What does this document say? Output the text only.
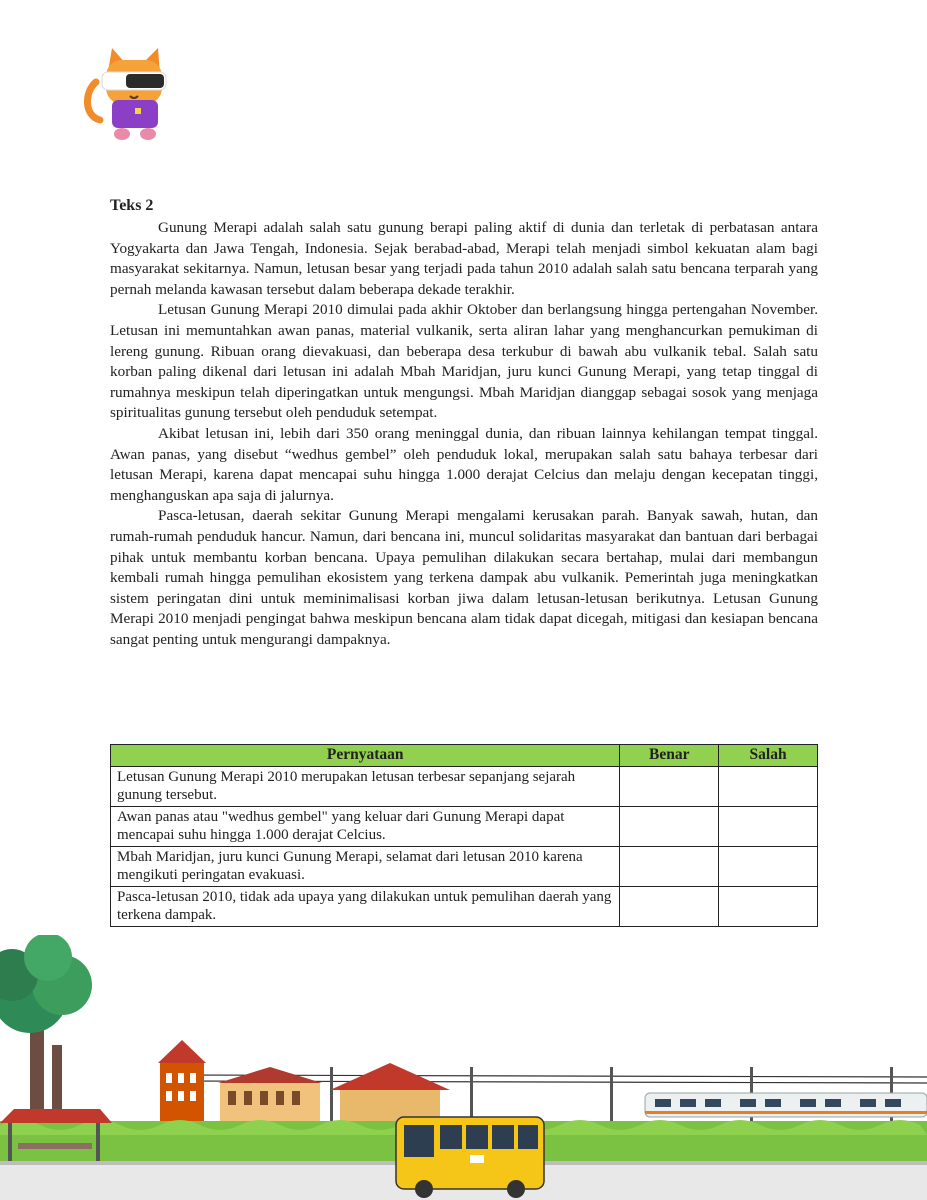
Teks 2

Gunung Merapi adalah salah satu gunung berapi paling aktif di dunia dan terletak di perbatasan antara Yogyakarta dan Jawa Tengah, Indonesia. Sejak berabad-abad, Merapi telah menjadi simbol kekuatan alam bagi masyarakat sekitarnya. Namun, letusan besar yang terjadi pada tahun 2010 adalah salah satu bencana terparah yang pernah melanda kawasan tersebut dalam beberapa dekade terakhir.

Letusan Gunung Merapi 2010 dimulai pada akhir Oktober dan berlangsung hingga pertengahan November. Letusan ini memuntahkan awan panas, material vulkanik, serta aliran lahar yang menghancurkan pemukiman di lereng gunung. Ribuan orang dievakuasi, dan beberapa desa terkubur di bawah abu vulkanik tebal. Salah satu korban paling dikenal dari letusan ini adalah Mbah Maridjan, juru kunci Gunung Merapi, yang tetap tinggal di rumahnya meskipun telah diperingatkan untuk mengungsi. Mbah Maridjan dianggap sebagai sosok yang menjaga spiritualitas gunung tersebut oleh penduduk setempat.

Akibat letusan ini, lebih dari 350 orang meninggal dunia, dan ribuan lainnya kehilangan tempat tinggal. Awan panas, yang disebut “wedhus gembel” oleh penduduk lokal, merupakan salah satu bahaya terbesar dari letusan Merapi, karena dapat mencapai suhu hingga 1.000 derajat Celcius dan melaju dengan kecepatan tinggi, menghanguskan apa saja di jalurnya.

Pasca-letusan, daerah sekitar Gunung Merapi mengalami kerusakan parah. Banyak sawah, hutan, dan rumah-rumah penduduk hancur. Namun, dari bencana ini, muncul solidaritas masyarakat dan bantuan dari berbagai pihak untuk membantu korban bencana. Upaya pemulihan dilakukan secara bertahap, mulai dari membangun kembali rumah hingga pemulihan ekosistem yang terkena dampak abu vulkanik. Pemerintah juga meningkatkan sistem peringatan dini untuk meminimalisasi korban jiwa dalam letusan-letusan berikutnya. Letusan Gunung Merapi 2010 menjadi pengingat bahwa meskipun bencana alam tidak dapat dicegah, mitigasi dan kesiapan bencana sangat penting untuk mengurangi dampaknya.

Pernyataan	Benar	Salah
Letusan Gunung Merapi 2010 merupakan letusan terbesar sepanjang sejarah gunung tersebut.		
Awan panas atau "wedhus gembel" yang keluar dari Gunung Merapi dapat mencapai suhu hingga 1.000 derajat Celcius.		
Mbah Maridjan, juru kunci Gunung Merapi, selamat dari letusan 2010 karena mengikuti peringatan evakuasi.		
Pasca-letusan 2010, tidak ada upaya yang dilakukan untuk pemulihan daerah yang terkena dampak.		
